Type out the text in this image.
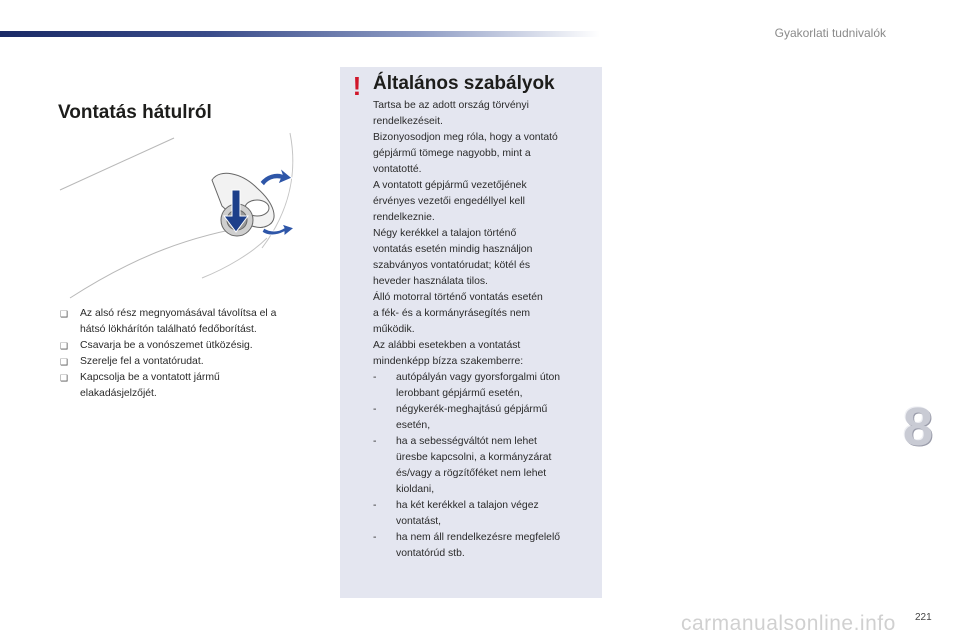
Gyakorlati tudnivalók
Vontatás hátulról
❑ Az alsó rész megnyomásával távolítsa el a
hátsó lökhárítón található fedőborítást.
❑ Csavarja be a vonószemet ütközésig.
❑ Szerelje fel a vontatórudat.
❑ Kapcsolja be a vontatott jármű
elakadásjelzőjét.
! Általános szabályok

Tartsa be az adott ország törvényi
rendelkezéseit.
Bizonyosodjon meg róla, hogy a vontató
gépjármű tömege nagyobb, mint a
vontatotté.
A vontatott gépjármű vezetőjének
érvényes vezetői engedéllyel kell
rendelkeznie.
Négy kerékkel a talajon történő
vontatás esetén mindig használjon
szabványos vontatórudat; kötél és
heveder használata tilos.
Álló motorral történő vontatás esetén
a fék- és a kormányrásegítés nem
működik.
Az alábbi esetekben a vontatást
mindenképp bízza szakemberre:

- autópályán vagy gyorsforgalmi úton
lerobbant gépjármű esetén,
- négykerék-meghajtású gépjármű
esetén,
- ha a sebességváltót nem lehet
üresbe kapcsolni, a kormányzárat
és/vagy a rögzítőféket nem lehet
kioldani,
- ha két kerékkel a talajon végez
vontatást,
- ha nem áll rendelkezésre megfelelő
vontatórúd stb.
8
221
carmanualsonline.info
